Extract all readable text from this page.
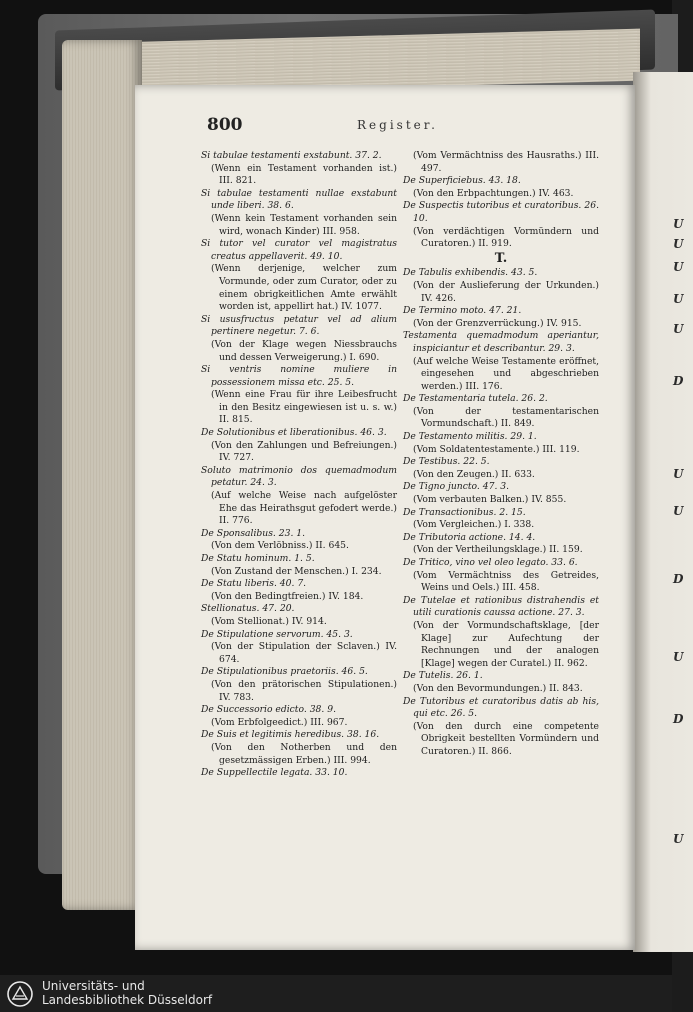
U
U
U
U
U
D
U
U
D
U
D
U
800	Register.

Si tabulae testamenti exstabunt. 37. 2.

(Wenn ein Testament vorhanden ist.) III. 821.

Si tabulae testamenti nullae exstabunt unde liberi. 38. 6.

(Wenn kein Testament vorhanden sein wird, wonach Kinder) III. 958.

Si tutor vel curator vel magistratus creatus appellaverit. 49. 10.

(Wenn derjenige, welcher zum Vormunde, oder zum Curator, oder zu einem obrigkeitlichen Amte erwählt worden ist, appellirt hat.) IV. 1077.

Si ususfructus petatur vel ad alium pertinere negetur. 7. 6.

(Von der Klage wegen Niessbrauchs und dessen Verweigerung.) I. 690.

Si ventris nomine muliere in possessionem missa etc. 25. 5.

(Wenn eine Frau für ihre Leibesfrucht in den Besitz eingewiesen ist u. s. w.) II. 815.

De Solutionibus et liberationibus. 46. 3.

(Von den Zahlungen und Befreiungen.) IV. 727.

Soluto matrimonio dos quemadmodum petatur. 24. 3.

(Auf welche Weise nach aufgelöster Ehe das Heirathsgut gefodert werde.) II. 776.

De Sponsalibus. 23. 1.

(Von dem Verlöbniss.) II. 645.

De Statu hominum. 1. 5.

(Von Zustand der Menschen.) I. 234.

De Statu liberis. 40. 7.

(Von den Bedingtfreien.) IV. 184.

Stellionatus. 47. 20.

(Vom Stellionat.) IV. 914.

De Stipulatione servorum. 45. 3.

(Von der Stipulation der Sclaven.) IV. 674.

De Stipulationibus praetoriis. 46. 5.

(Von den prätorischen Stipulationen.) IV. 783.

De Successorio edicto. 38. 9.

(Vom Erbfolgeedict.) III. 967.

De Suis et legitimis heredibus. 38. 16.

(Von den Notherben und den gesetzmässigen Erben.) III. 994.

De Suppellectile legata. 33. 10.

(Vom Vermächtniss des Hausraths.) III. 497.

De Superficiebus. 43. 18.

(Von den Erbpachtungen.) IV. 463.

De Suspectis tutoribus et curatoribus. 26. 10.

(Von verdächtigen Vormündern und Curatoren.) II. 919.

T.

De Tabulis exhibendis. 43. 5.

(Von der Auslieferung der Urkunden.) IV. 426.

De Termino moto. 47. 21.

(Von der Grenzverrückung.) IV. 915.

Testamenta quemadmodum aperiantur, inspiciantur et describantur. 29. 3.

(Auf welche Weise Testamente eröffnet, eingesehen und abgeschrieben werden.) III. 176.

De Testamentaria tutela. 26. 2.

(Von der testamentarischen Vormundschaft.) II. 849.

De Testamento militis. 29. 1.

(Vom Soldatentestamente.) III. 119.

De Testibus. 22. 5.

(Von den Zeugen.) II. 633.

De Tigno juncto. 47. 3.

(Vom verbauten Balken.) IV. 855.

De Transactionibus. 2. 15.

(Vom Vergleichen.) I. 338.

De Tributoria actione. 14. 4.

(Von der Vertheilungsklage.) II. 159.

De Tritico, vino vel oleo legato. 33. 6.

(Vom Vermächtniss des Getreides, Weins und Oels.) III. 458.

De Tutelae et rationibus distrahendis et utili curationis caussa actione. 27. 3.

(Von der Vormundschaftsklage, [der Klage] zur Aufechtung der Rechnungen und der analogen [Klage] wegen der Curatel.) II. 962.

De Tutelis. 26. 1.

(Von den Bevormundungen.) II. 843.

De Tutoribus et curatoribus datis ab his, qui etc. 26. 5.

(Von den durch eine competente Obrigkeit bestellten Vormündern und Curatoren.) II. 866.

Universitäts- und
Landesbibliothek Düsseldorf
